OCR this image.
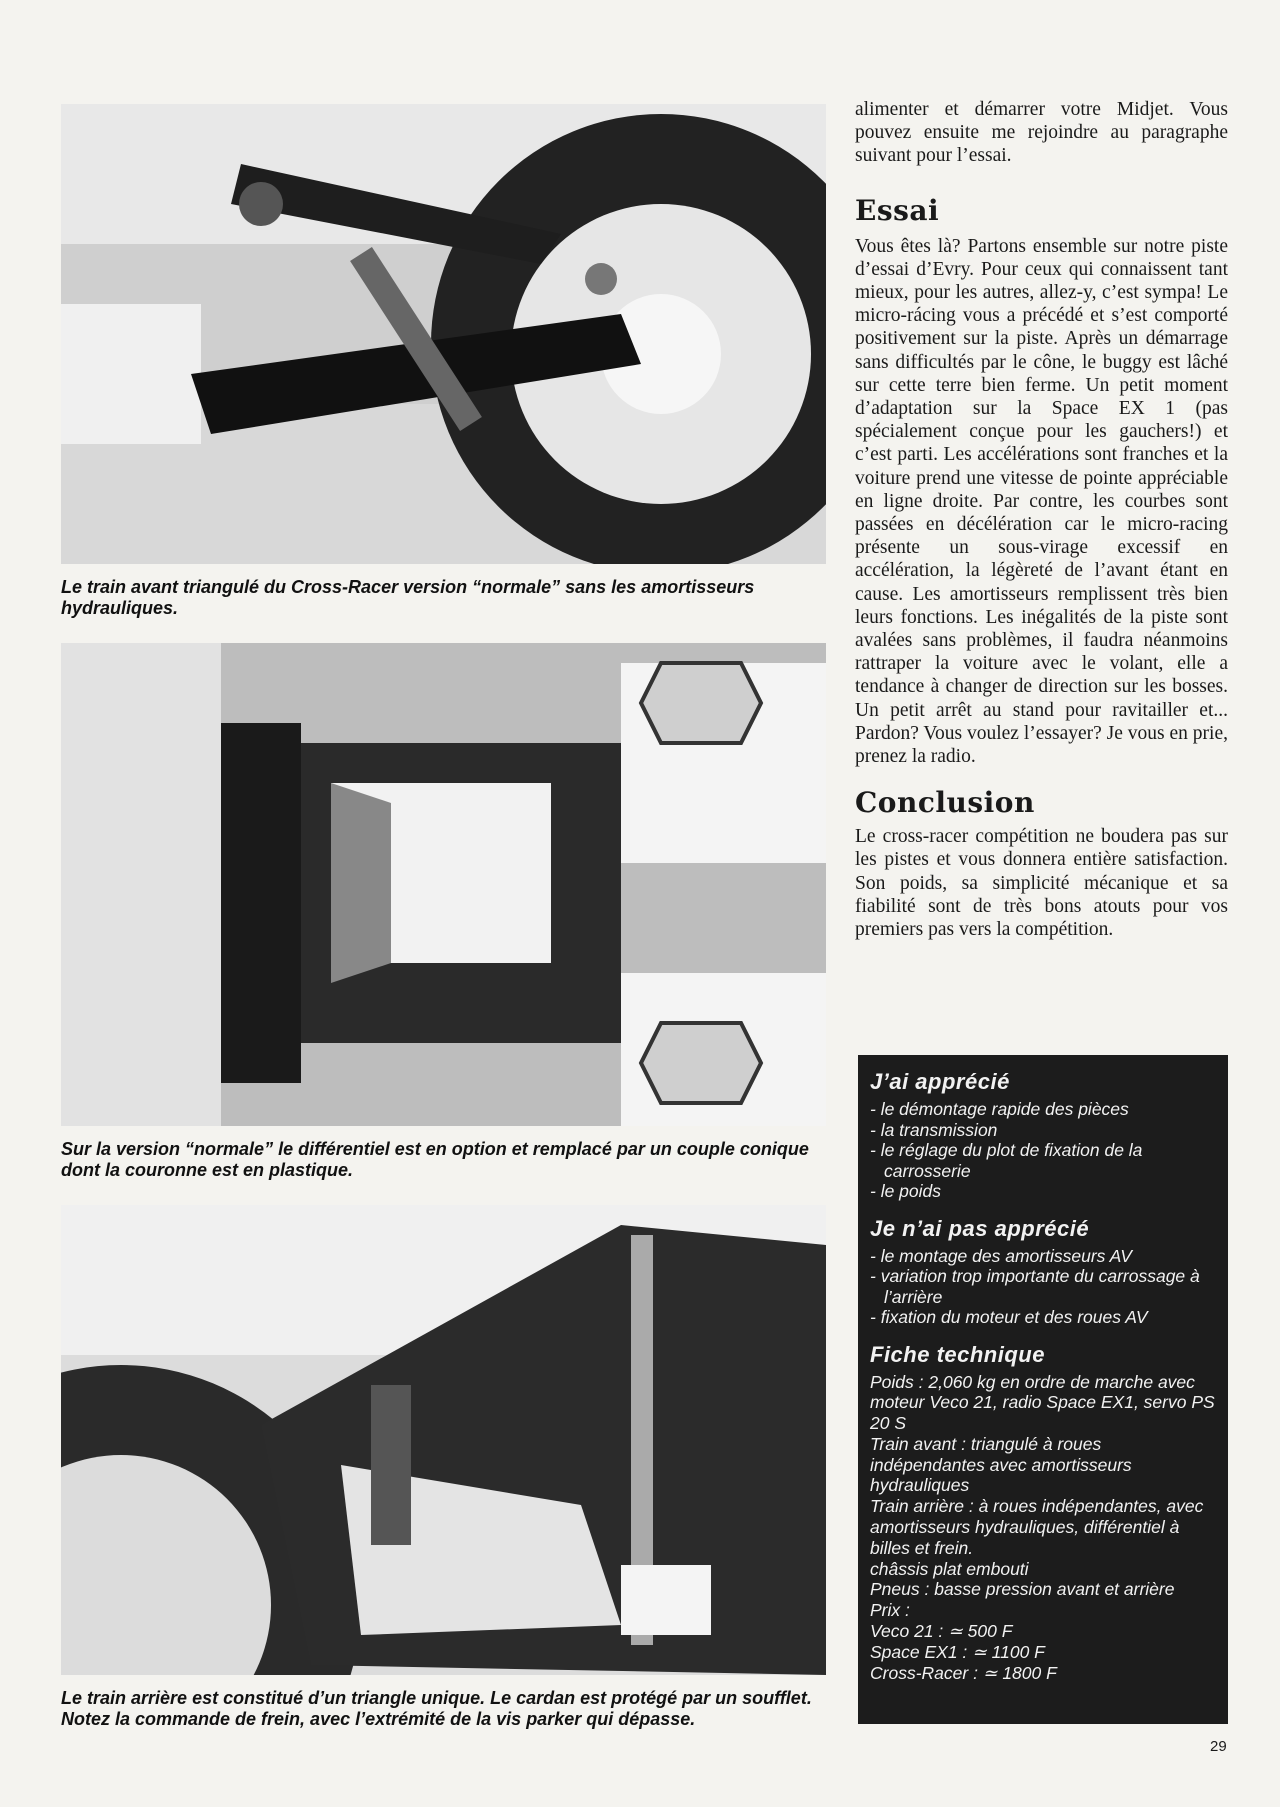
Le train avant triangulé du Cross-Racer version “normale” sans les amortisseurs hydrauliques.
Sur la version “normale” le différentiel est en option et remplacé par un couple conique dont la couronne est en plastique.
Le train arrière est constitué d’un triangle unique. Le cardan est protégé par un soufflet. Notez la commande de frein, avec l’extrémité de la vis parker qui dépasse.

alimenter et démarrer votre Midjet. Vous pouvez ensuite me rejoindre au paragraphe suivant pour l’essai.

Essai

Vous êtes là? Partons ensemble sur notre piste d’essai d’Evry. Pour ceux qui connaissent tant mieux, pour les autres, allez-y, c’est sympa! Le micro-rácing vous a précédé et s’est comporté positivement sur la piste. Après un démarrage sans difficultés par le cône, le buggy est lâché sur cette terre bien ferme. Un petit moment d’adaptation sur la Space EX 1 (pas spécialement conçue pour les gauchers!) et c’est parti. Les accélérations sont franches et la voiture prend une vitesse de pointe appréciable en ligne droite. Par contre, les courbes sont passées en décélération car le micro-racing présente un sous-virage excessif en accélération, la légèreté de l’avant étant en cause. Les amortisseurs remplissent très bien leurs fonctions. Les inégalités de la piste sont avalées sans problèmes, il faudra néanmoins rattraper la voiture avec le volant, elle a tendance à changer de direction sur les bosses. Un petit arrêt au stand pour ravitailler et... Pardon? Vous voulez l’essayer? Je vous en prie, prenez la radio.

Conclusion

Le cross-racer compétition ne boudera pas sur les pistes et vous donnera entière satisfaction. Son poids, sa simplicité mécanique et sa fiabilité sont de très bons atouts pour vos premiers pas vers la compétition.

J’ai apprécié
- le démontage rapide des pièces
- la transmission
- le réglage du plot de fixation de la carrosserie
- le poids
Je n’ai pas apprécié
- le montage des amortisseurs AV
- variation trop importante du carrossage à l’arrière
- fixation du moteur et des roues AV
Fiche technique

Poids : 2,060 kg en ordre de marche avec moteur Veco 21, radio Space EX1, servo PS 20 S

Train avant : triangulé à roues indépendantes avec amortisseurs hydrauliques

Train arrière : à roues indépendantes, avec amortisseurs hydrauliques, différentiel à billes et frein.

châssis plat embouti

Pneus : basse pression avant et arrière

Prix :

Veco 21 : ≃ 500 F

Space EX1 : ≃ 1100 F

Cross-Racer : ≃ 1800 F

29
